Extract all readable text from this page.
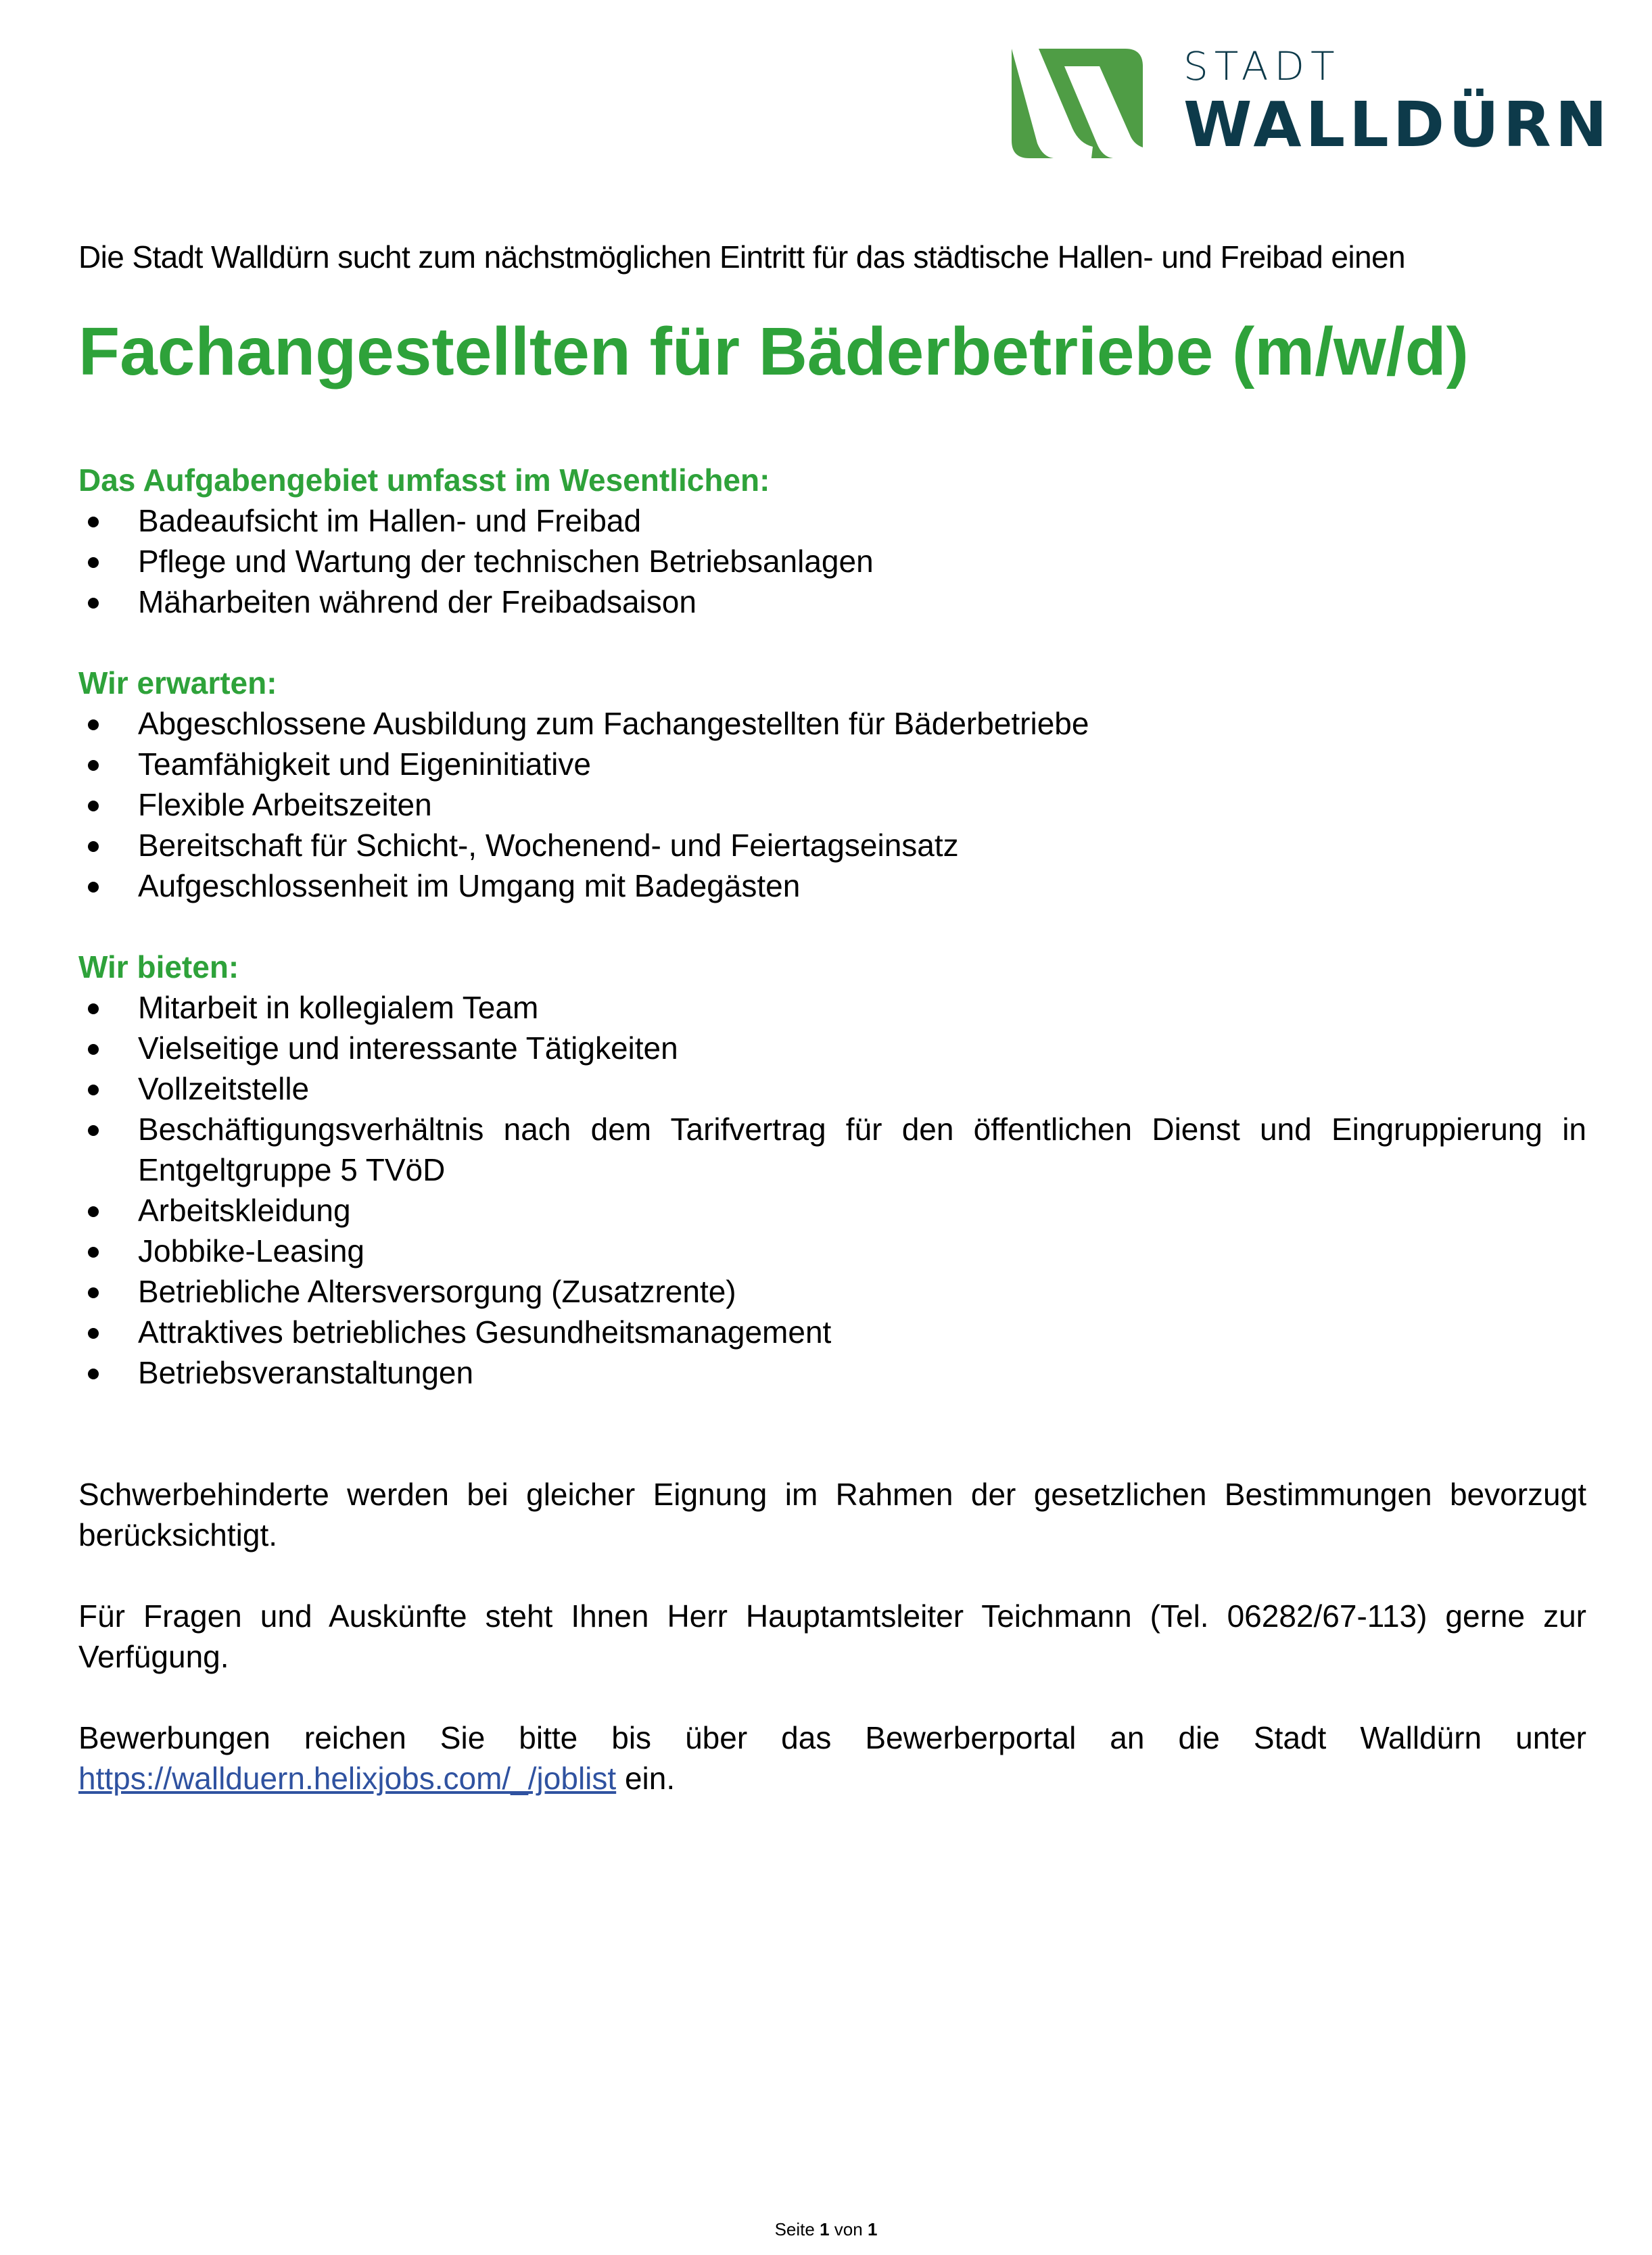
STADT
WALLDÜRN
Die Stadt Walldürn sucht zum nächstmöglichen Eintritt für das städtische Hallen- und Freibad einen
Fachangestellten für Bäderbetriebe (m/w/d)
Das Aufgabengebiet umfasst im Wesentlichen:
Badeaufsicht im Hallen- und Freibad
Pflege und Wartung der technischen Betriebsanlagen
Mäharbeiten während der Freibadsaison
Wir erwarten:
Abgeschlossene Ausbildung zum Fachangestellten für Bäderbetriebe
Teamfähigkeit und Eigeninitiative
Flexible Arbeitszeiten
Bereitschaft für Schicht-, Wochenend- und Feiertagseinsatz
Aufgeschlossenheit im Umgang mit Badegästen
Wir bieten:
Mitarbeit in kollegialem Team
Vielseitige und interessante Tätigkeiten
Vollzeitstelle
Beschäftigungsverhältnis nach dem Tarifvertrag für den öffentlichen Dienst und Eingruppierung in Entgeltgruppe 5 TVöD
Arbeitskleidung
Jobbike-Leasing
Betriebliche Altersversorgung (Zusatzrente)
Attraktives betriebliches Gesundheitsmanagement
Betriebsveranstaltungen
Schwerbehinderte werden bei gleicher Eignung im Rahmen der gesetzlichen Bestimmungen bevorzugt berücksichtigt.
Für Fragen und Auskünfte steht Ihnen Herr Hauptamtsleiter Teichmann (Tel. 06282/67-113) gerne zur Verfügung.
Bewerbungen reichen Sie bitte bis über das Bewerberportal an die Stadt Walldürn unter https://wallduern.helixjobs.com/_/joblist ein.
Seite 1 von 1
